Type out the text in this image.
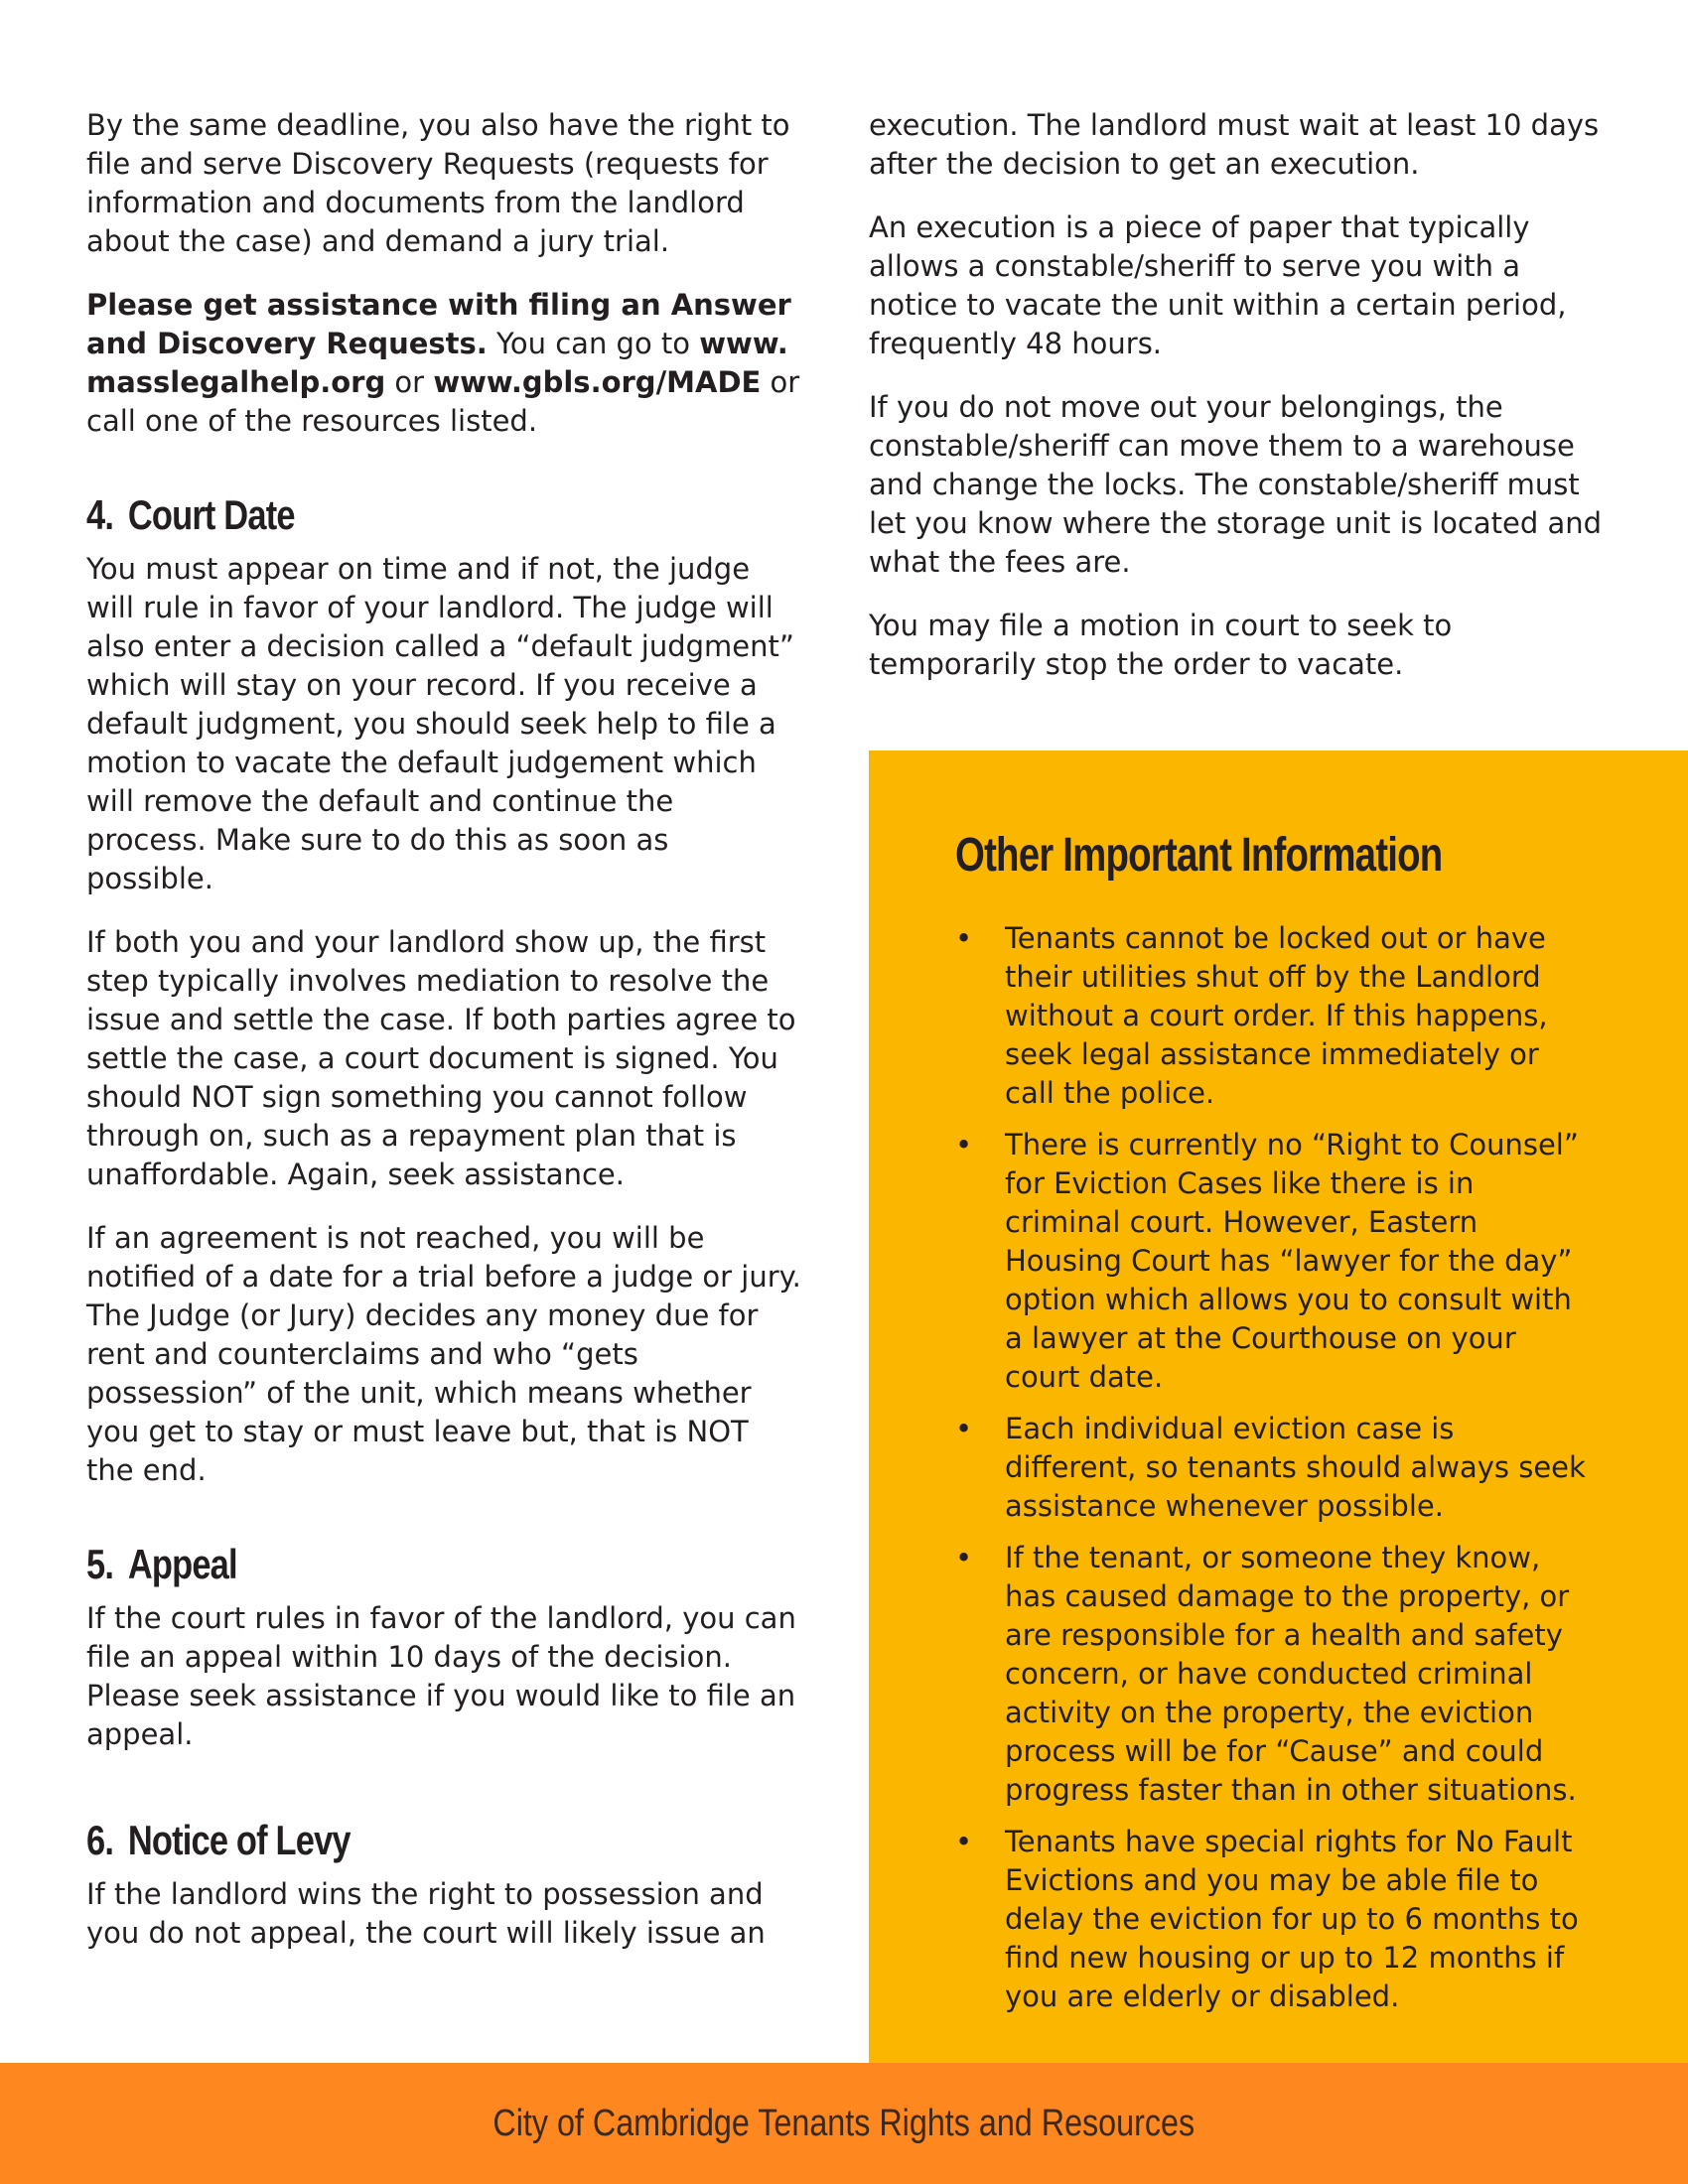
By the same deadline, you also have the right to file and serve Discovery Requests (requests for information and documents from the landlord about the case) and demand a jury trial.

Please get assistance with filing an Answer and Discovery Requests. You can go to www.​masslegalhelp.org or www.gbls.org/MADE or call one of the resources listed.

4. Court Date

You must appear on time and if not, the judge will rule in favor of your landlord. The judge will also enter a decision called a “default judgment” which will stay on your record. If you receive a default judgment, you should seek help to file a motion to vacate the default judgement which will remove the default and continue the process. Make sure to do this as soon as possible.

If both you and your landlord show up, the first step typically involves mediation to resolve the issue and settle the case. If both parties agree to settle the case, a court document is signed. You should NOT sign something you cannot follow through on, such as a repayment plan that is unaffordable. Again, seek assistance.

If an agreement is not reached, you will be notified of a date for a trial before a judge or jury. The Judge (or Jury) decides any money due for rent and counterclaims and who “gets possession” of the unit, which means whether you get to stay or must leave but, that is NOT the end.

5. Appeal

If the court rules in favor of the landlord, you can file an appeal within 10 days of the decision. Please seek assistance if you would like to file an appeal.

6. Notice of Levy

If the landlord wins the right to possession and you do not appeal, the court will likely issue an

execution. The landlord must wait at least 10 days after the decision to get an execution.

An execution is a piece of paper that typically allows a constable/sheriff to serve you with a notice to vacate the unit within a certain period, frequently 48 hours.

If you do not move out your belongings, the constable/sheriff can move them to a warehouse and change the locks. The constable/sheriff must let you know where the storage unit is located and what the fees are.

You may file a motion in court to seek to temporarily stop the order to vacate.

Other Important Information
• Tenants cannot be locked out or have their utilities shut off by the Landlord without a court order. If this happens, seek legal assistance immediately or call the police.
• There is currently no “Right to Counsel” for Eviction Cases like there is in criminal court. However, Eastern Housing Court has “lawyer for the day” option which allows you to consult with a lawyer at the Courthouse on your court date.
• Each individual eviction case is different, so tenants should always seek assistance whenever possible.
• If the tenant, or someone they know, has caused damage to the property, or are responsible for a health and safety concern, or have conducted criminal activity on the property, the eviction process will be for “Cause” and could progress faster than in other situations.
• Tenants have special rights for No Fault Evictions and you may be able file to delay the eviction for up to 6 months to find new housing or up to 12 months if you are elderly or disabled.
City of Cambridge Tenants Rights and Resources
